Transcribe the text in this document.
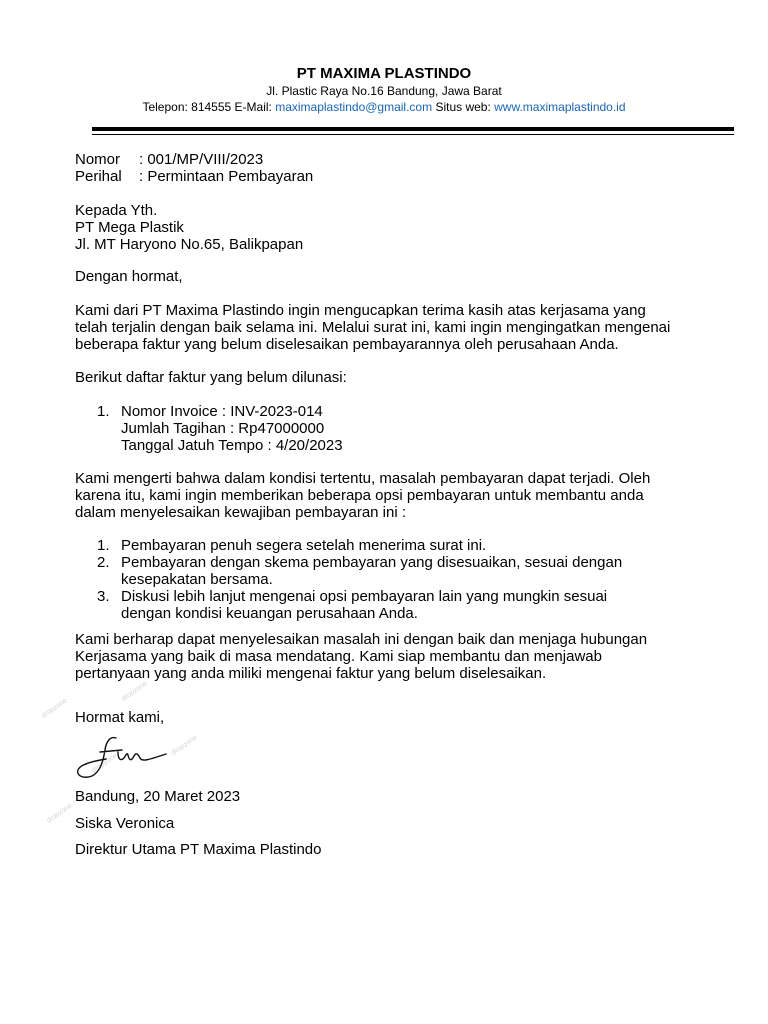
PT MAXIMA PLASTINDO
Jl. Plastic Raya No.16 Bandung, Jawa Barat
Telepon: 814555 E-Mail: maximaplastindo@gmail.com Situs web: www.maximaplastindo.id
Nomor	: 001/MP/VIII/2023
Perihal	: Permintaan Pembayaran
Kepada Yth.
PT Mega Plastik
Jl. MT Haryono No.65, Balikpapan
Dengan hormat,
Kami dari PT Maxima Plastindo ingin mengucapkan terima kasih atas kerjasama yang
telah terjalin dengan baik selama ini. Melalui surat ini, kami ingin mengingatkan mengenai
beberapa faktur yang belum diselesaikan pembayarannya oleh perusahaan Anda.
Berikut daftar faktur yang belum dilunasi:
1. Nomor Invoice : INV-2023-014
Jumlah Tagihan : Rp47000000
Tanggal Jatuh Tempo : 4/20/2023
Kami mengerti bahwa dalam kondisi tertentu, masalah pembayaran dapat terjadi. Oleh
karena itu, kami ingin memberikan beberapa opsi pembayaran untuk membantu anda
dalam menyelesaikan kewajiban pembayaran ini :
1. Pembayaran penuh segera setelah menerima surat ini.
2. Pembayaran dengan skema pembayaran yang disesuaikan, sesuai dengan
kesepakatan bersama.
3. Diskusi lebih lanjut mengenai opsi pembayaran lain yang mungkin sesuai
dengan kondisi keuangan perusahaan Anda.
Kami berharap dapat menyelesaikan masalah ini dengan baik dan menjaga hubungan
Kerjasama yang baik di masa mendatang. Kami siap membantu dan menjawab
pertanyaan yang anda miliki mengenai faktur yang belum diselesaikan.
dropzone
dropzone
dropzone
dropzone
dropzone
Hormat kami,
Bandung, 20 Maret 2023
Siska Veronica
Direktur Utama PT Maxima Plastindo
